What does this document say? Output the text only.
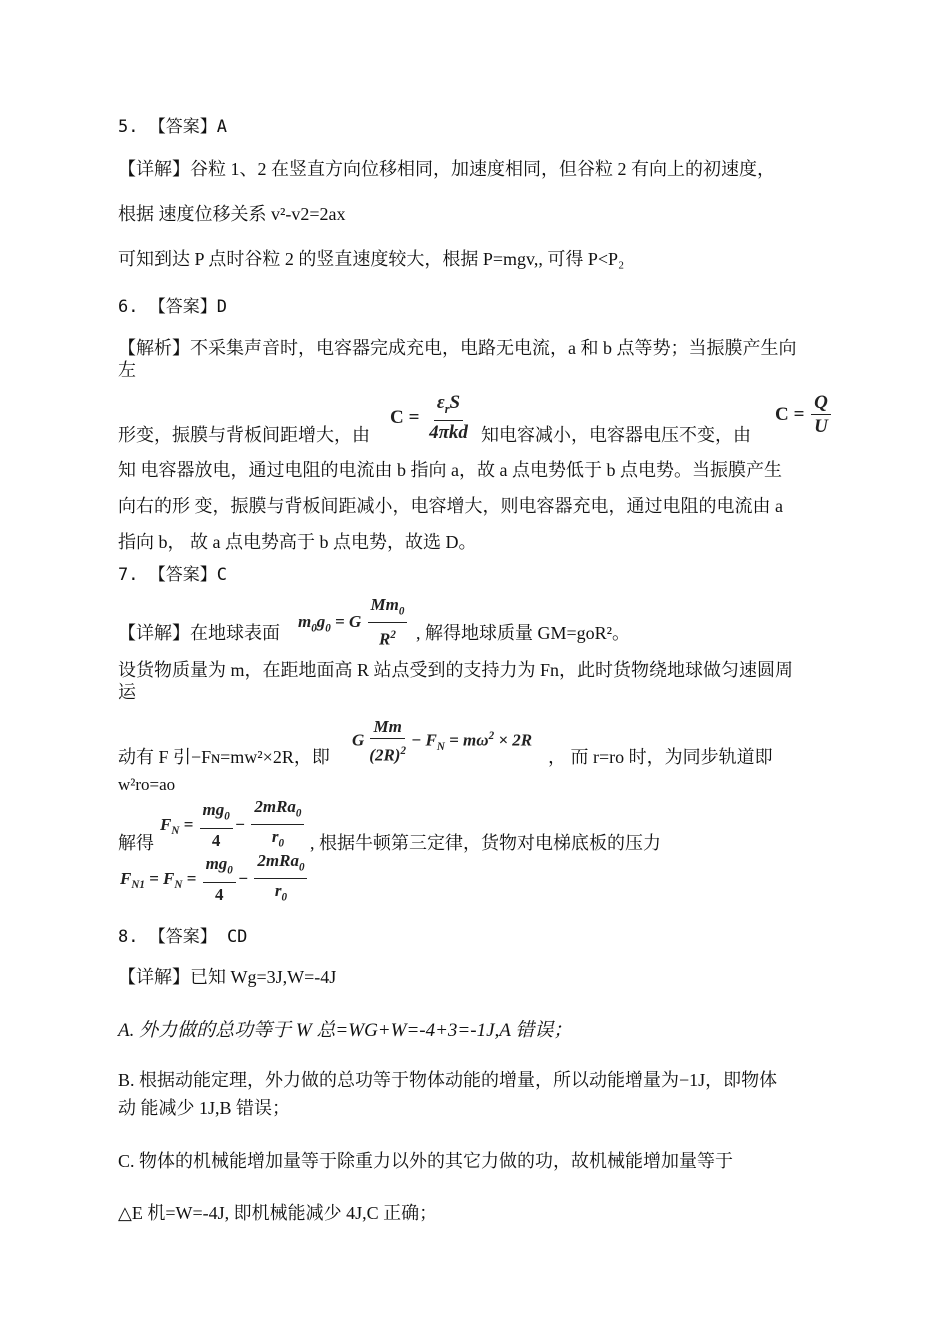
5. 【答案】A
【详解】谷粒 1、2 在竖直方向位移相同，加速度相同，但谷粒 2 有向上的初速度，
根据 速度位移关系 v²-v2=2ax
可知到达 P 点时谷粒 2 的竖直速度较大，根据 P=mgv,, 可得 P<P₂
6. 【答案】D
【解析】不采集声音时，电容器完成充电，电路无电流，a 和 b 点等势；当振膜产生向
左
$C = \frac{\varepsilon_rS}{\text{4πkd}}$	$C = \frac{Q}{U}$
形变，振膜与背板间距增大，由	知电容减小，电容器电压不变，由
知 电容器放电，通过电阻的电流由 b 指向 a，故 a 点电势低于 b 点电势。当振膜产生
向右的形 变，振膜与背板间距减小，电容增大，则电容器充电，通过电阻的电流由 a
指向 b， 故 a 点电势高于 b 点电势，故选 D。
7. 【答案】C
$m_0g_0 = G \frac{Mm_0}{R^2}$
【详解】在地球表面	, 解得地球质量 GM=goR²。
设货物质量为 m，在距地面高 R 站点受到的支持力为 Fn，此时货物绕地球做匀速圆周
运
G $\frac{Mm}{(2R)^2} - F_N = m\omega^2 \times 2R$
动有 F 引−Fɴ=mw²×2R，即	， 而 r=ro 时，为同步轨道即
w²ro=ao
$F_N = \frac{mg_0}{4} - \frac{2mRa_0}{r_0}$
解得	, 根据牛顿第三定律，货物对电梯底板的压力
$F_{N1} = F_N = \frac{mg_0}{4} - \frac{2mRa_0}{r_0}$
8. 【答案】 CD
【详解】已知 Wg=3J,W=-4J
A. 外力做的总功等于 W 总=WG+W=-4+3=-1J,A 错误；
B. 根据动能定理，外力做的总功等于物体动能的增量，所以动能增量为−1J，即物体
动 能减少 1J,B 错误；
C. 物体的机械能增加量等于除重力以外的其它力做的功，故机械能增加量等于
△E 机=W=-4J, 即机械能减少 4J,C 正确；
